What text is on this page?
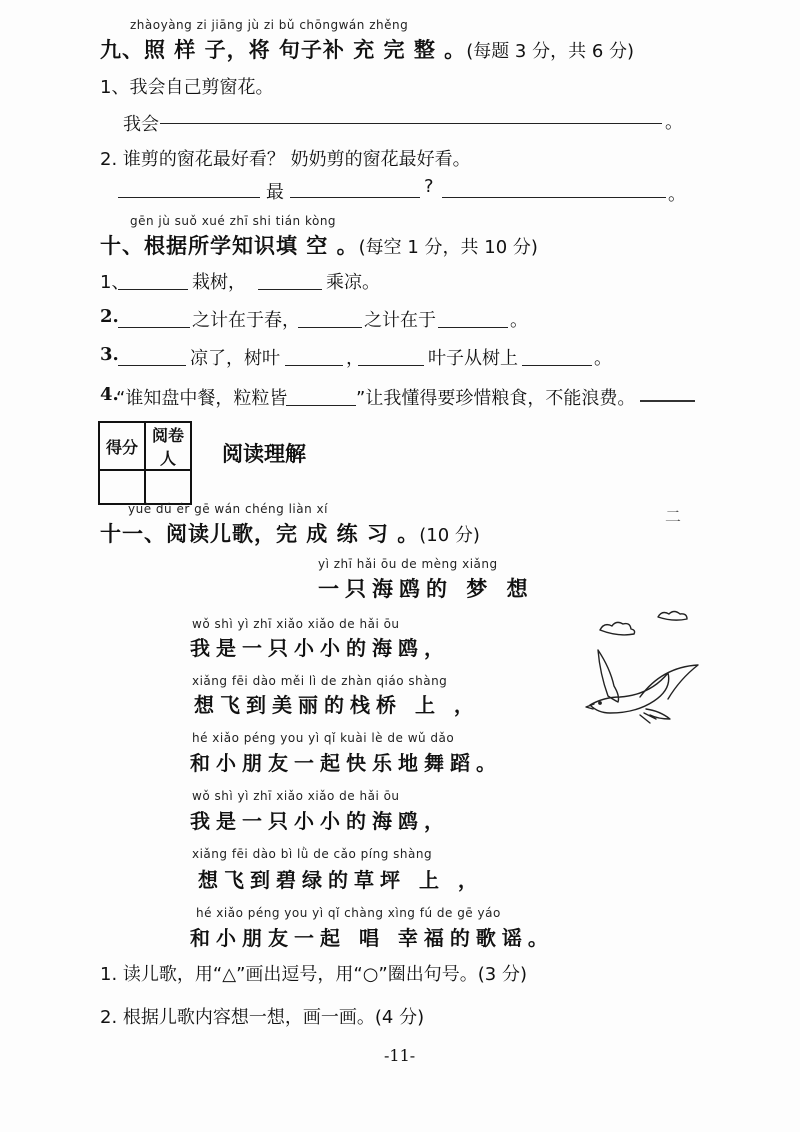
zhàoyàng zi jiāng jù zi bǔ chōngwán zhěng
九、照 样 子，将 句子补 充 完 整 。(每题 3 分，共 6 分)
1、我会自己剪窗花。
我会	。
2. 谁剪的窗花最好看？ 奶奶剪的窗花最好看。
最	?	。
gēn jù suǒ xué zhī shi tián kòng
十、根据所学知识填 空 。(每空 1 分，共 10 分)
1、	栽树，	乘凉。
2.	之计在于春，	之计在于	。
3.	凉了，树叶	，	叶子从树上	。
4.
“谁知盘中餐，粒粒皆	”让我懂得要珍惜粮食，不能浪费。
得分	阅卷人
	阅读理解
yuè dú ér gē wán chéng liàn xí
十一、阅读儿歌，完 成 练 习 。(10 分)
二
yì zhī hǎi ōu de mèng xiǎng
一只海鸥的 梦 想
wǒ shì yì zhī xiǎo xiǎo de hǎi ōu
我是一只小小的海鸥，
xiǎng fēi dào měi lì de zhàn qiáo shàng
想飞到美丽的栈桥 上 ，
hé xiǎo péng you yì qǐ kuài lè de wǔ dǎo
和小朋友一起快乐地舞蹈。
wǒ shì yì zhī xiǎo xiǎo de hǎi ōu
我是一只小小的海鸥，
xiǎng fēi dào bì lǜ de cǎo píng shàng
想飞到碧绿的草坪 上 ，
hé xiǎo péng you yì qǐ chàng xìng fú de gē yáo
和小朋友一起 唱 幸福的歌谣。
1. 读儿歌，用“△”画出逗号，用“○”圈出句号。(3 分)
2. 根据儿歌内容想一想，画一画。(4 分)
-11-
